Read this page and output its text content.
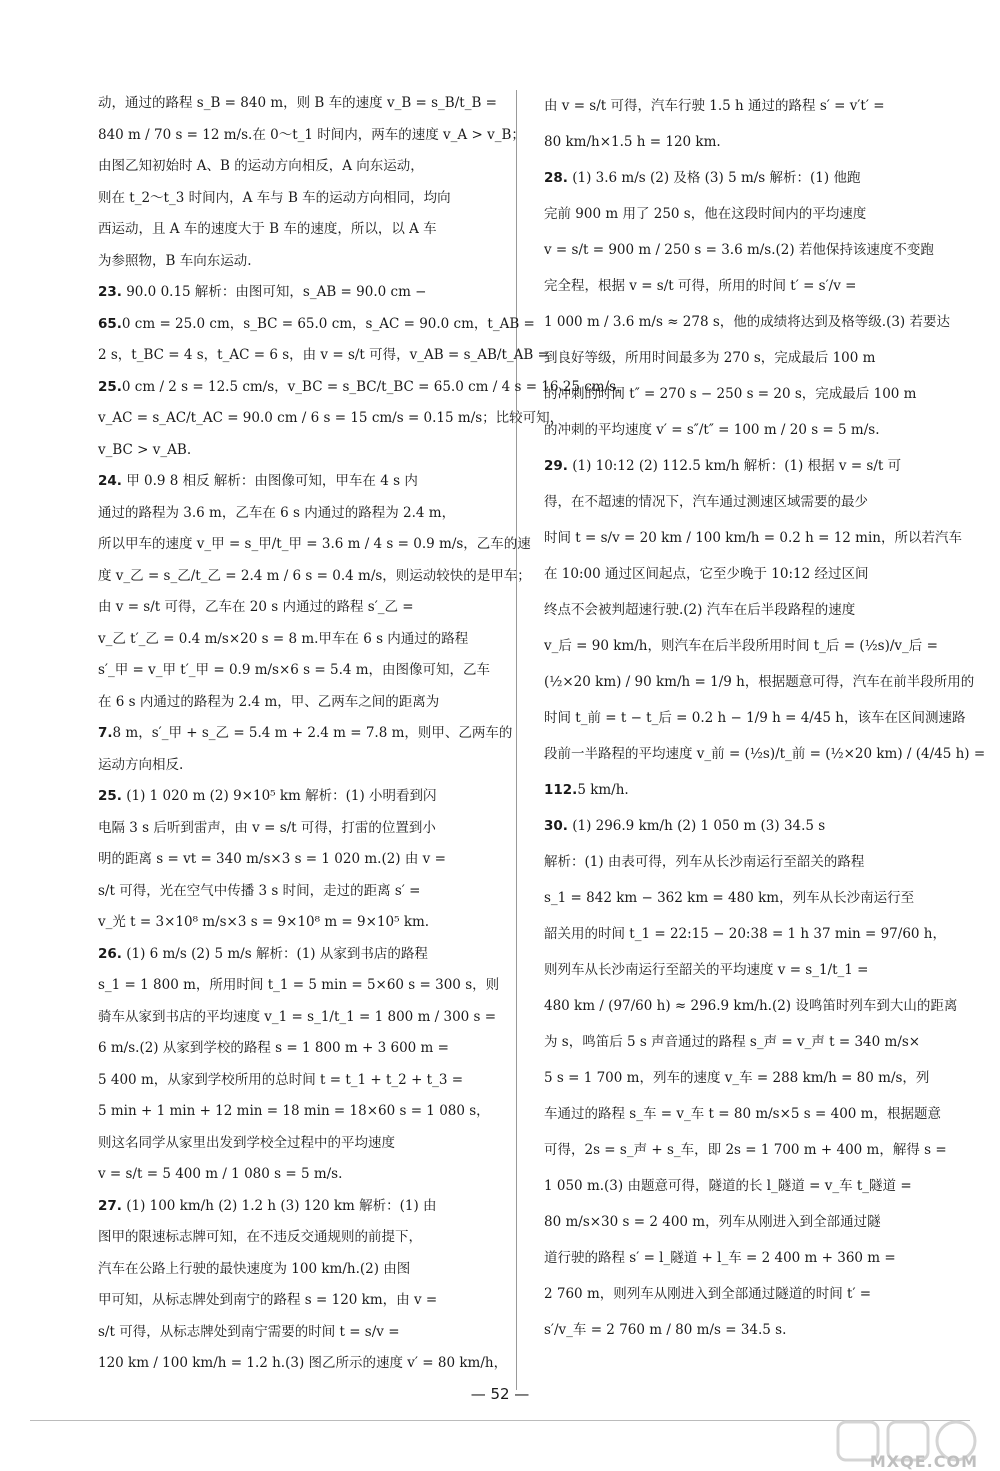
动，通过的路程 s_B = 840 m，则 B 车的速度 v_B = s_B/t_B =
840 m / 70 s = 12 m/s.在 0～t_1 时间内，两车的速度 v_A > v_B；
由图乙知初始时 A、B 的运动方向相反，A 向东运动，
则在 t_2～t_3 时间内，A 车与 B 车的运动方向相同，均向
西运动，且 A 车的速度大于 B 车的速度，所以，以 A 车
为参照物，B 车向东运动.
23. 90.0 0.15 解析：由图可知，s_AB = 90.0 cm −
65.0 cm = 25.0 cm，s_BC = 65.0 cm，s_AC = 90.0 cm，t_AB =
2 s，t_BC = 4 s，t_AC = 6 s，由 v = s/t 可得，v_AB = s_AB/t_AB =
25.0 cm / 2 s = 12.5 cm/s，v_BC = s_BC/t_BC = 65.0 cm / 4 s = 16.25 cm/s，
v_AC = s_AC/t_AC = 90.0 cm / 6 s = 15 cm/s = 0.15 m/s；比较可知，
v_BC > v_AB.
24. 甲 0.9 8 相反 解析：由图像可知，甲车在 4 s 内
通过的路程为 3.6 m，乙车在 6 s 内通过的路程为 2.4 m，
所以甲车的速度 v_甲 = s_甲/t_甲 = 3.6 m / 4 s = 0.9 m/s，乙车的速
度 v_乙 = s_乙/t_乙 = 2.4 m / 6 s = 0.4 m/s，则运动较快的是甲车；
由 v = s/t 可得，乙车在 20 s 内通过的路程 s′_乙 =
v_乙 t′_乙 = 0.4 m/s×20 s = 8 m.甲车在 6 s 内通过的路程
s′_甲 = v_甲 t′_甲 = 0.9 m/s×6 s = 5.4 m，由图像可知，乙车
在 6 s 内通过的路程为 2.4 m，甲、乙两车之间的距离为
7.8 m，s′_甲 + s_乙 = 5.4 m + 2.4 m = 7.8 m，则甲、乙两车的
运动方向相反.
25. (1) 1 020 m (2) 9×10⁵ km 解析：(1) 小明看到闪
电隔 3 s 后听到雷声，由 v = s/t 可得，打雷的位置到小
明的距离 s = vt = 340 m/s×3 s = 1 020 m.(2) 由 v =
s/t 可得，光在空气中传播 3 s 时间，走过的距离 s′ =
v_光 t = 3×10⁸ m/s×3 s = 9×10⁸ m = 9×10⁵ km.
26. (1) 6 m/s (2) 5 m/s 解析：(1) 从家到书店的路程
s_1 = 1 800 m，所用时间 t_1 = 5 min = 5×60 s = 300 s，则
骑车从家到书店的平均速度 v_1 = s_1/t_1 = 1 800 m / 300 s =
6 m/s.(2) 从家到学校的路程 s = 1 800 m + 3 600 m =
5 400 m，从家到学校所用的总时间 t = t_1 + t_2 + t_3 =
5 min + 1 min + 12 min = 18 min = 18×60 s = 1 080 s，
则这名同学从家里出发到学校全过程中的平均速度
v = s/t = 5 400 m / 1 080 s = 5 m/s.
27. (1) 100 km/h (2) 1.2 h (3) 120 km 解析：(1) 由
图甲的限速标志牌可知，在不违反交通规则的前提下，
汽车在公路上行驶的最快速度为 100 km/h.(2) 由图
甲可知，从标志牌处到南宁的路程 s = 120 km，由 v =
s/t 可得，从标志牌处到南宁需要的时间 t = s/v =
120 km / 100 km/h = 1.2 h.(3) 图乙所示的速度 v′ = 80 km/h，
由 v = s/t 可得，汽车行驶 1.5 h 通过的路程 s′ = v′t′ =
80 km/h×1.5 h = 120 km.
28. (1) 3.6 m/s (2) 及格 (3) 5 m/s 解析：(1) 他跑
完前 900 m 用了 250 s，他在这段时间内的平均速度
v = s/t = 900 m / 250 s = 3.6 m/s.(2) 若他保持该速度不变跑
完全程，根据 v = s/t 可得，所用的时间 t′ = s′/v =
1 000 m / 3.6 m/s ≈ 278 s，他的成绩将达到及格等级.(3) 若要达
到良好等级，所用时间最多为 270 s，完成最后 100 m
的冲刺的时间 t″ = 270 s − 250 s = 20 s，完成最后 100 m
的冲刺的平均速度 v′ = s″/t″ = 100 m / 20 s = 5 m/s.
29. (1) 10:12 (2) 112.5 km/h 解析：(1) 根据 v = s/t 可
得，在不超速的情况下，汽车通过测速区域需要的最少
时间 t = s/v = 20 km / 100 km/h = 0.2 h = 12 min，所以若汽车
在 10:00 通过区间起点，它至少晚于 10:12 经过区间
终点不会被判超速行驶.(2) 汽车在后半段路程的速度
v_后 = 90 km/h，则汽车在后半段所用时间 t_后 = (½s)/v_后 =
(½×20 km) / 90 km/h = 1/9 h，根据题意可得，汽车在前半段所用的
时间 t_前 = t − t_后 = 0.2 h − 1/9 h = 4/45 h，该车在区间测速路
段前一半路程的平均速度 v_前 = (½s)/t_前 = (½×20 km) / (4/45 h) =
112.5 km/h.
30. (1) 296.9 km/h (2) 1 050 m (3) 34.5 s
解析：(1) 由表可得，列车从长沙南运行至韶关的路程
s_1 = 842 km − 362 km = 480 km，列车从长沙南运行至
韶关用的时间 t_1 = 22:15 − 20:38 = 1 h 37 min = 97/60 h，
则列车从长沙南运行至韶关的平均速度 v = s_1/t_1 =
480 km / (97/60 h) ≈ 296.9 km/h.(2) 设鸣笛时列车到大山的距离
为 s，鸣笛后 5 s 声音通过的路程 s_声 = v_声 t = 340 m/s×
5 s = 1 700 m，列车的速度 v_车 = 288 km/h = 80 m/s，列
车通过的路程 s_车 = v_车 t = 80 m/s×5 s = 400 m，根据题意
可得，2s = s_声 + s_车，即 2s = 1 700 m + 400 m，解得 s =
1 050 m.(3) 由题意可得，隧道的长 l_隧道 = v_车 t_隧道 =
80 m/s×30 s = 2 400 m，列车从刚进入到全部通过隧
道行驶的路程 s′ = l_隧道 + l_车 = 2 400 m + 360 m =
2 760 m，则列车从刚进入到全部通过隧道的时间 t′ =
s′/v_车 = 2 760 m / 80 m/s = 34.5 s.
— 52 —
MXQE.COM
